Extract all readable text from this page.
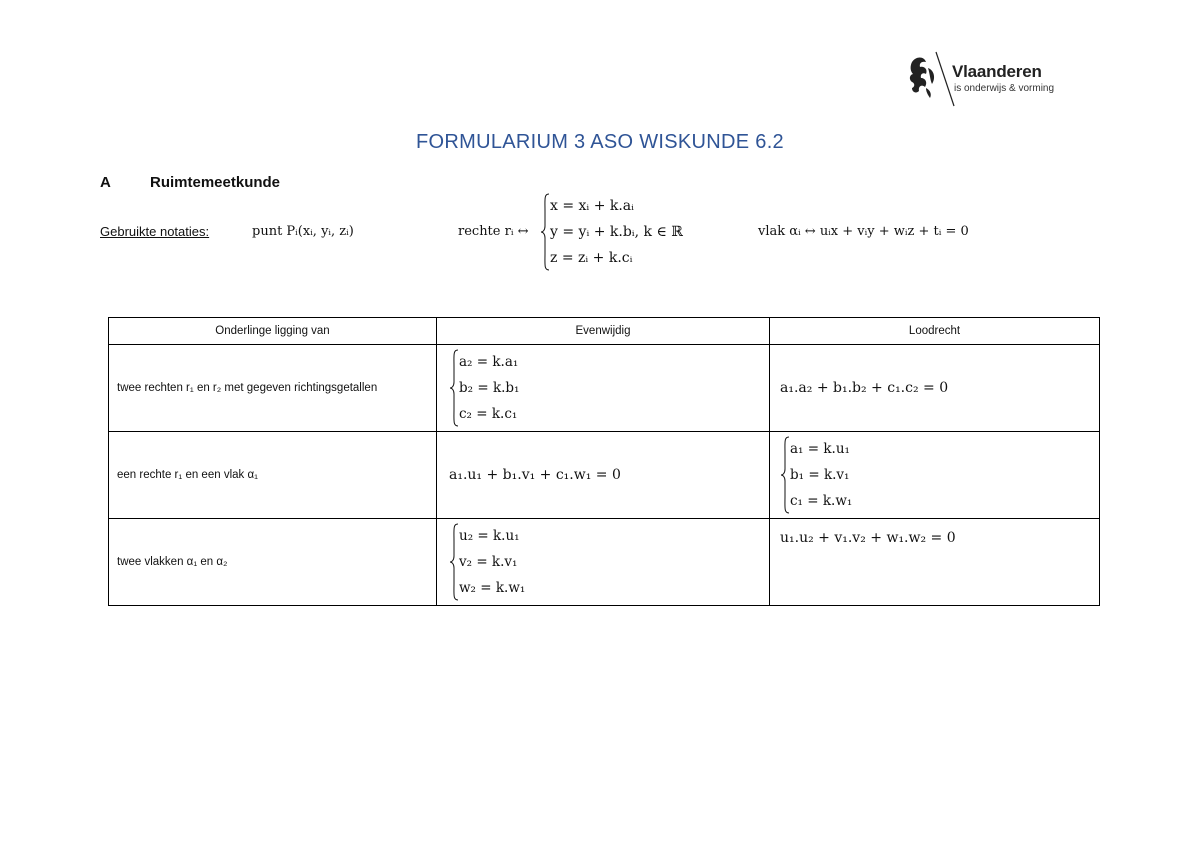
Vlaanderen
is onderwijs & vorming
FORMULARIUM 3 ASO WISKUNDE 6.2
A	Ruimtemeetkunde
Gebruikte notaties:	punt Pᵢ(xᵢ, yᵢ, zᵢ)	rechte rᵢ ↔
x = xᵢ + k.aᵢ
y = yᵢ + k.bᵢ, k ∈ ℝ
z = zᵢ + k.cᵢ
vlak αᵢ ↔ uᵢx + vᵢy + wᵢz + tᵢ = 0
Onderlinge ligging van	Evenwijdig	Loodrecht
twee rechten r₁ en r₂ met gegeven richtingsgetallen	a₂ = k.a₁
b₂ = k.b₁
c₂ = k.c₁	a₁.a₂ + b₁.b₂ + c₁.c₂ = 0
een rechte r₁ en een vlak α₁	a₁.u₁ + b₁.v₁ + c₁.w₁ = 0	a₁ = k.u₁
b₁ = k.v₁
c₁ = k.w₁

twee vlakken α₁ en α₂	u₂ = k.u₁
v₂ = k.v₁
w₂ = k.w₁	u₁.u₂ + v₁.v₂ + w₁.w₂ = 0
